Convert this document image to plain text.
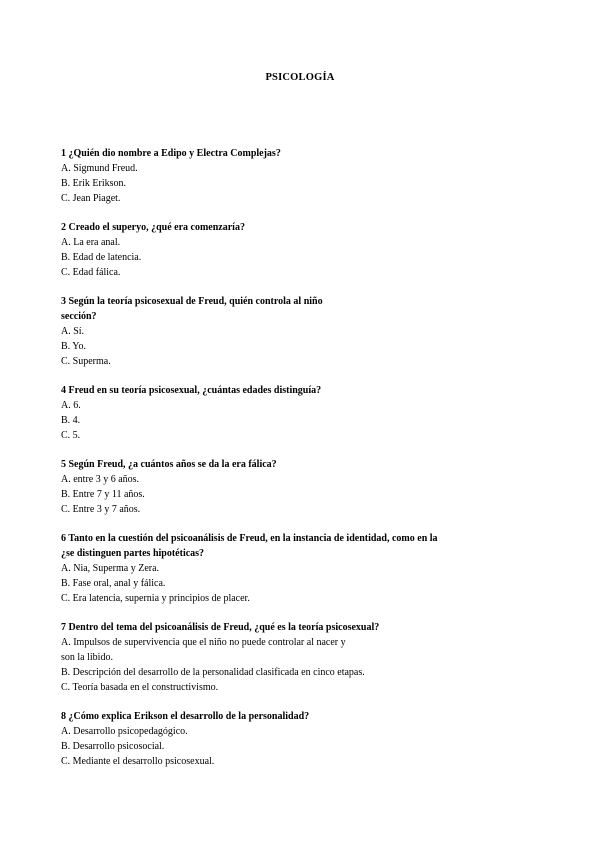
PSICOLOGÍA
1 ¿Quién dio nombre a Edipo y Electra Complejas?
A. Sigmund Freud.
B. Erik Erikson.
C. Jean Piaget.
2 Creado el superyo, ¿qué era comenzaría?
A. La era anal.
B. Edad de latencia.
C. Edad fálica.
3 Según la teoría psicosexual de Freud, quién controla al niño
sección?
A. Sí.
B. Yo.
C. Superma.
4 Freud en su teoría psicosexual, ¿cuántas edades distinguía?
A. 6.
B. 4.
C. 5.
5 Según Freud, ¿a cuántos años se da la era fálica?
A. entre 3 y 6 años.
B. Entre 7 y 11 años.
C. Entre 3 y 7 años.
6 Tanto en la cuestión del psicoanálisis de Freud, en la instancia de identidad, como en la
¿se distinguen partes hipotéticas?
A. Nia, Superma y Zera.
B. Fase oral, anal y fálica.
C. Era latencia, supernia y principios de placer.
7 Dentro del tema del psicoanálisis de Freud, ¿qué es la teoría psicosexual?
A. Impulsos de supervivencia que el niño no puede controlar al nacer y
son la libido.
B. Descripción del desarrollo de la personalidad clasificada en cinco etapas.
C. Teoría basada en el constructivismo.
8 ¿Cómo explica Erikson el desarrollo de la personalidad?
A. Desarrollo psicopedagógico.
B. Desarrollo psicosocial.
C. Mediante el desarrollo psicosexual.
